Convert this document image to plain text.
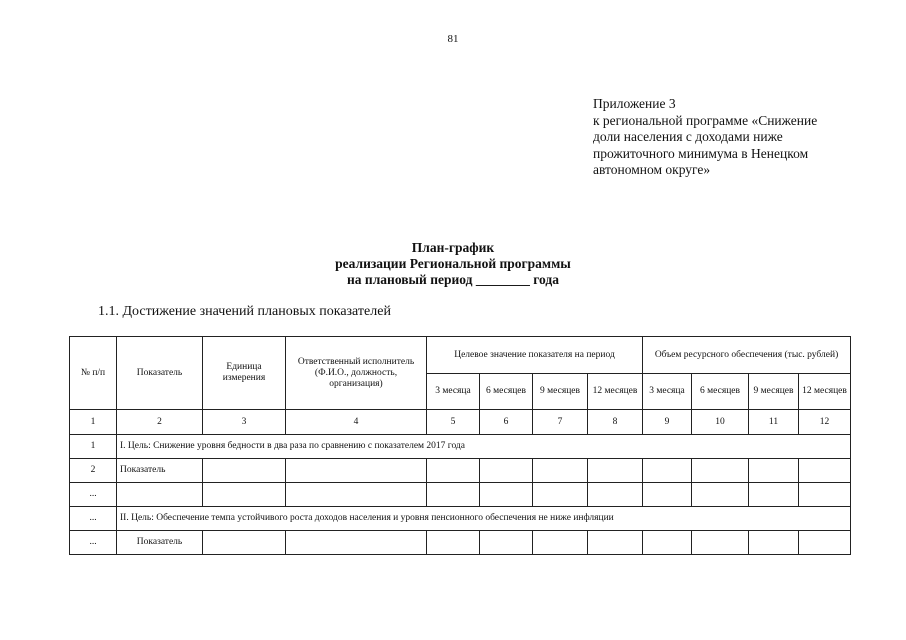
81
Приложение 3
к региональной программе «Снижение
доли населения с доходами ниже
прожиточного минимума в Ненецком
автономном округе»
План-график
реализации Региональной программы
на плановый период ________ года
1.1. Достижение значений плановых показателей
№ п/п	Показатель	Единица измерения	Ответственный исполнитель (Ф.И.О., должность, организация)	Целевое значение показателя на период				Объем ресурсного обеспечения (тыс. рублей)			
				3 месяца	6 месяцев	9 месяцев	12 месяцев	3 месяца	6 месяцев	9 месяцев	12 месяцев
1	2	3	4	5	6	7	8	9	10	11	12
1	I. Цель: Снижение уровня бедности в два раза по сравнению с показателем 2017 года										
2	Показатель										
...											
...	II. Цель: Обеспечение темпа устойчивого роста доходов населения и уровня пенсионного обеспечения не ниже инфляции										
...	Показатель										
